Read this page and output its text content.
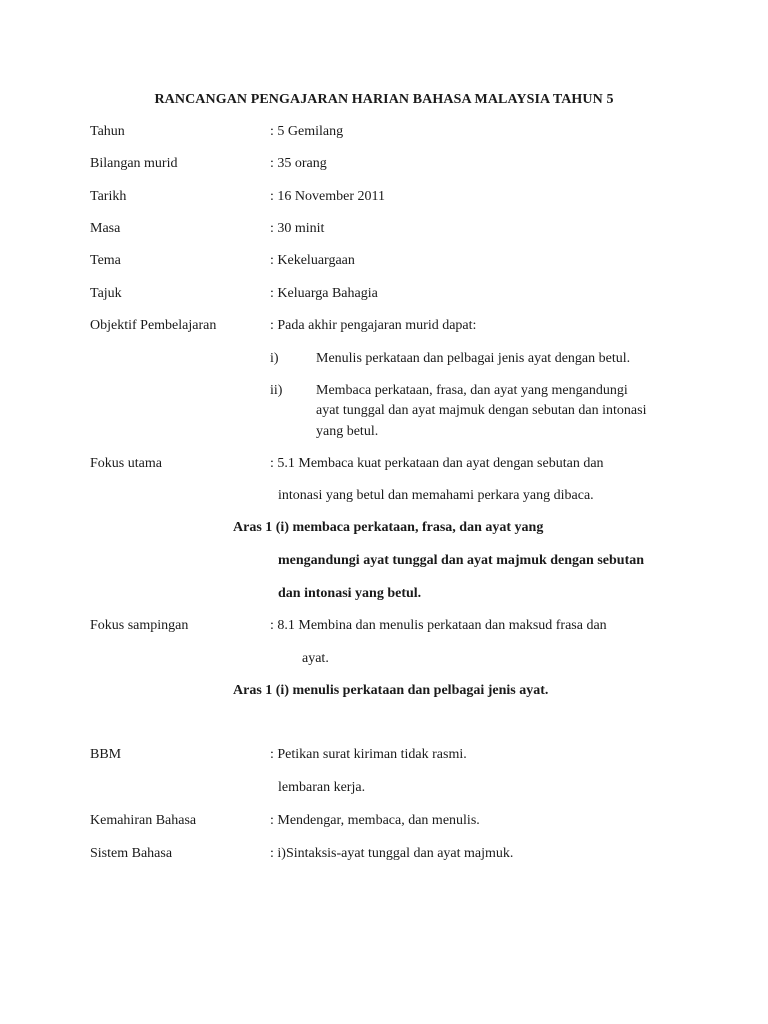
RANCANGAN PENGAJARAN HARIAN BAHASA MALAYSIA TAHUN 5
Tahun	: 5 Gemilang
Bilangan murid	: 35 orang
Tarikh	: 16 November 2011
Masa	: 30 minit
Tema	: Kekeluargaan
Tajuk	: Keluarga Bahagia
Objektif Pembelajaran	: Pada akhir pengajaran murid dapat:
i)	Menulis perkataan dan pelbagai jenis ayat dengan betul.
ii) Membaca perkataan, frasa, dan ayat yang mengandungi
ayat tunggal dan ayat majmuk dengan sebutan dan intonasi
yang betul.
Fokus utama	: 5.1 Membaca kuat perkataan dan ayat dengan sebutan dan
intonasi yang betul dan memahami perkara yang dibaca.
Aras 1 (i) membaca perkataan, frasa, dan ayat yang
mengandungi ayat tunggal dan ayat majmuk dengan sebutan
dan intonasi yang betul.
Fokus sampingan	: 8.1 Membina dan menulis perkataan dan maksud frasa dan
ayat.
Aras 1 (i) menulis perkataan dan pelbagai jenis ayat.
BBM	: Petikan surat kiriman tidak rasmi.
lembaran kerja.
Kemahiran Bahasa	: Mendengar, membaca, dan menulis.
Sistem Bahasa	: i)Sintaksis-ayat tunggal dan ayat majmuk.
